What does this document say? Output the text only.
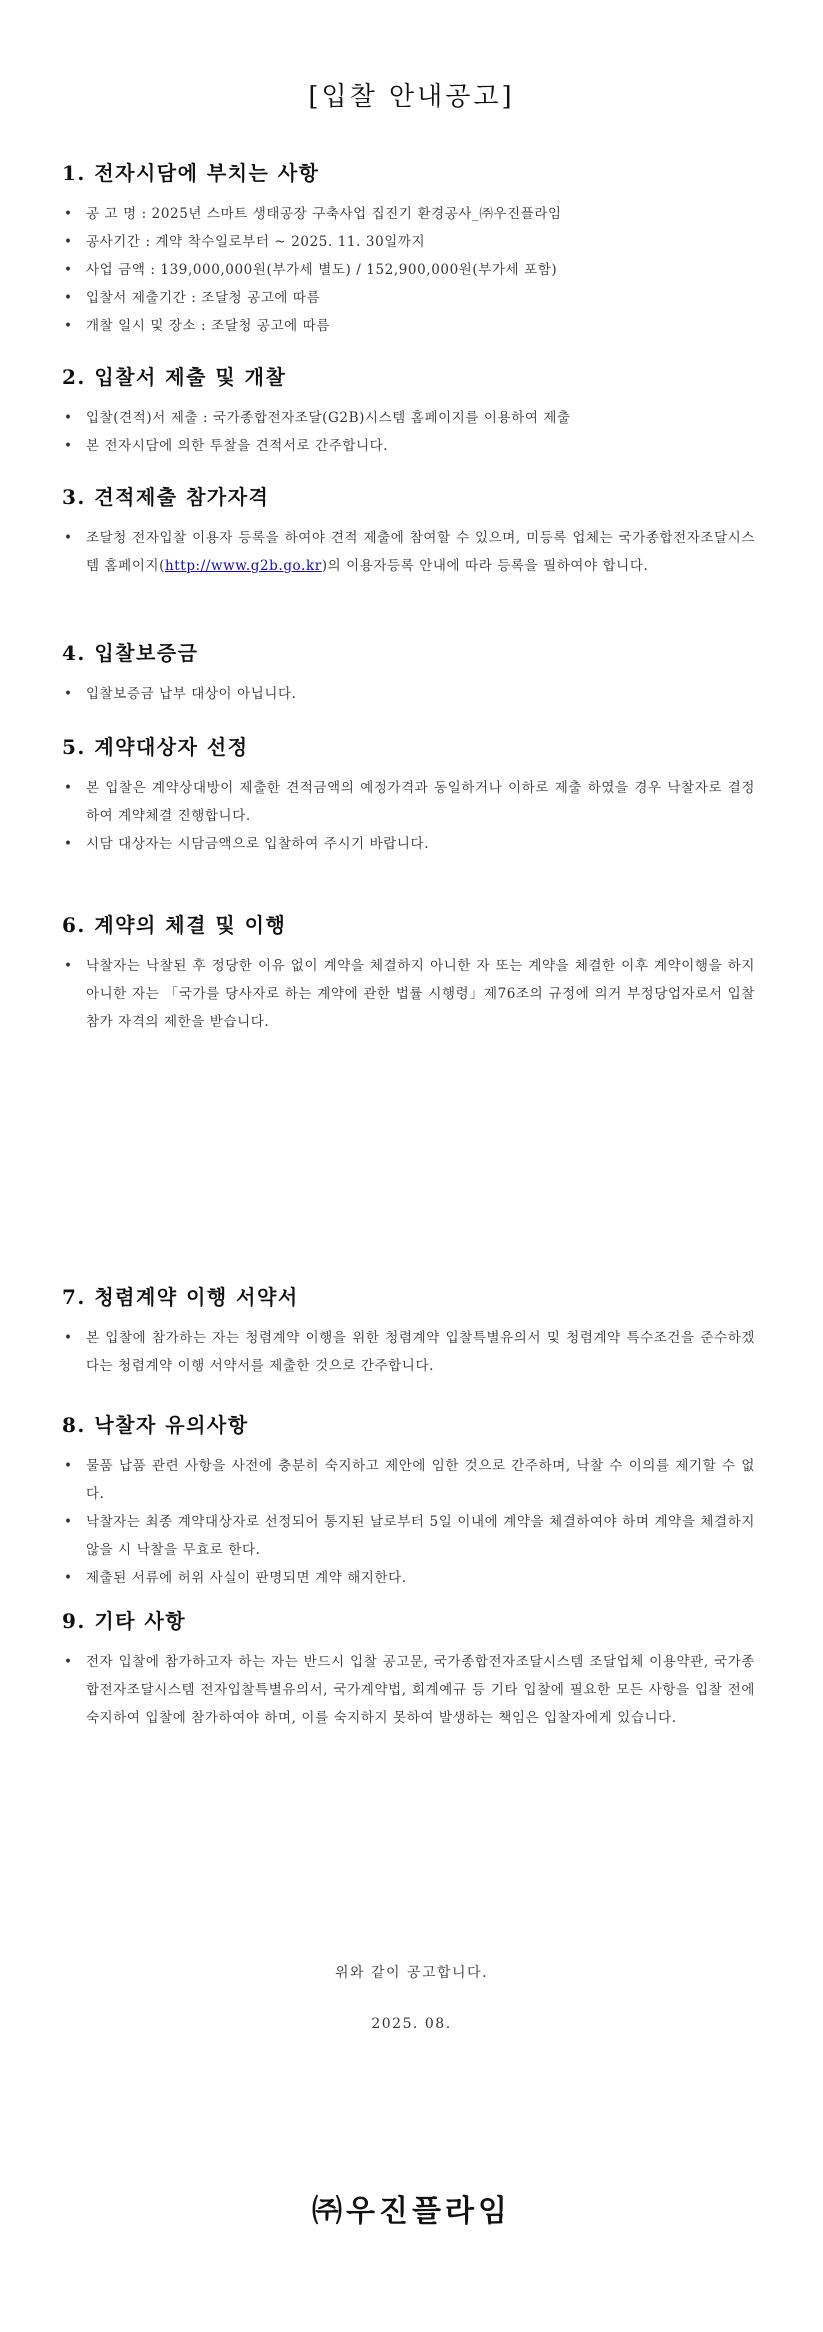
[입찰 안내공고]
1. 전자시담에 부치는 사항
• 공 고 명 : 2025년 스마트 생태공장 구축사업 집진기 환경공사_㈜우진플라임
• 공사기간 : 계약 착수일로부터 ~ 2025. 11. 30일까지
• 사업 금액 : 139,000,000원(부가세 별도) / 152,900,000원(부가세 포함)
• 입찰서 제출기간 : 조달청 공고에 따름
• 개찰 일시 및 장소 : 조달청 공고에 따름
2. 입찰서 제출 및 개찰
• 입찰(견적)서 제출 : 국가종합전자조달(G2B)시스템 홈페이지를 이용하여 제출
• 본 전자시담에 의한 투찰을 견적서로 간주합니다.
3. 견적제출 참가자격
• 조달청 전자입찰 이용자 등록을 하여야 견적 제출에 참여할 수 있으며, 미등록 업체는 국가종합전자조달시스템 홈페이지(http://www.g2b.go.kr)의 이용자등록 안내에 따라 등록을 필하여야 합니다.
4. 입찰보증금
• 입찰보증금 납부 대상이 아닙니다.
5. 계약대상자 선정
• 본 입찰은 계약상대방이 제출한 견적금액의 예정가격과 동일하거나 이하로 제출 하였을 경우 낙찰자로 결정하여 계약체결 진행합니다.
• 시담 대상자는 시담금액으로 입찰하여 주시기 바랍니다.
6. 계약의 체결 및 이행
• 낙찰자는 낙찰된 후 정당한 이유 없이 계약을 체결하지 아니한 자 또는 계약을 체결한 이후 계약이행을 하지 아니한 자는 「국가를 당사자로 하는 계약에 관한 법률 시행령」제76조의 규정에 의거 부정당업자로서 입찰참가 자격의 제한을 받습니다.
7. 청렴계약 이행 서약서
• 본 입찰에 참가하는 자는 청렴계약 이행을 위한 청렴계약 입찰특별유의서 및 청렴계약 특수조건을 준수하겠다는 청렴계약 이행 서약서를 제출한 것으로 간주합니다.
8. 낙찰자 유의사항
• 물품 납품 관련 사항을 사전에 충분히 숙지하고 제안에 임한 것으로 간주하며, 낙찰 수 이의를 제기할 수 없다.
• 낙찰자는 최종 계약대상자로 선정되어 통지된 날로부터 5일 이내에 계약을 체결하여야 하며 계약을 체결하지 않을 시 낙찰을 무효로 한다.
• 제출된 서류에 허위 사실이 판명되면 계약 해지한다.
9. 기타 사항
• 전자 입찰에 참가하고자 하는 자는 반드시 입찰 공고문, 국가종합전자조달시스템 조달업체 이용약관, 국가종합전자조달시스템 전자입찰특별유의서, 국가계약법, 회계예규 등 기타 입찰에 필요한 모든 사항을 입찰 전에 숙지하여 입찰에 참가하여야 하며, 이를 숙지하지 못하여 발생하는 책임은 입찰자에게 있습니다.
위와 같이 공고합니다.
2025. 08.
㈜우진플라임
